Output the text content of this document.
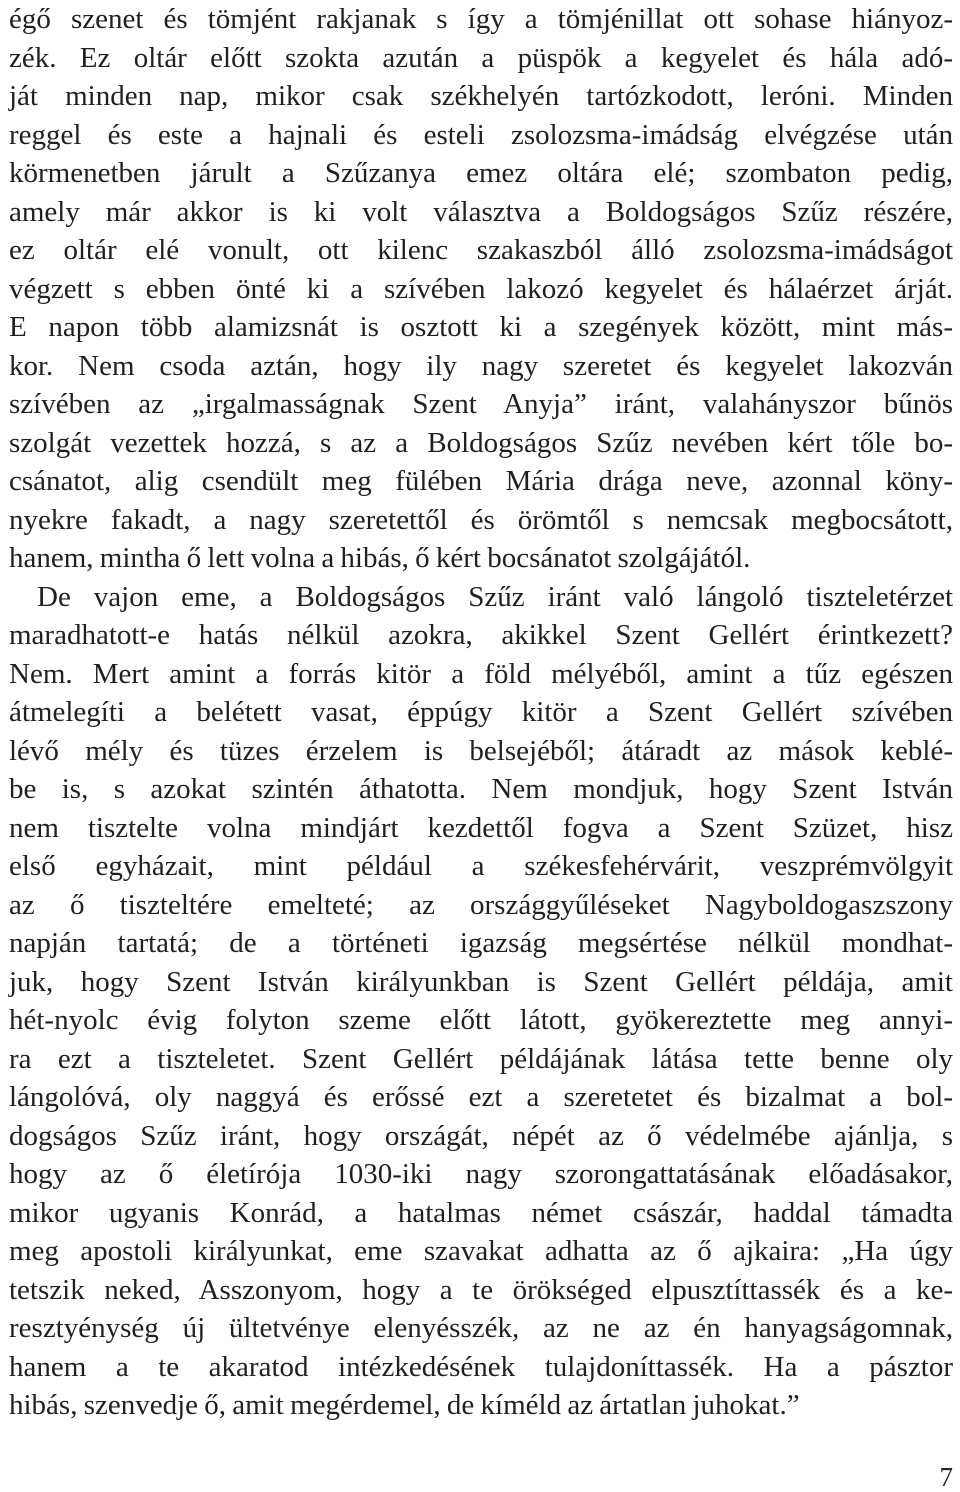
égő szenet és tömjént rakjanak s így a tömjénillat ott sohase hiányoz-
zék. Ez oltár előtt szokta azután a püspök a kegyelet és hála adó-
ját minden nap, mikor csak székhelyén tartózkodott, leróni. Minden
reggel és este a hajnali és esteli zsolozsma-imádság elvégzése után
körmenetben járult a Szűzanya emez oltára elé; szombaton pedig,
amely már akkor is ki volt választva a Boldogságos Szűz részére,
ez oltár elé vonult, ott kilenc szakaszból álló zsolozsma-imádságot
végzett s ebben önté ki a szívében lakozó kegyelet és hálaérzet árját.
E napon több alamizsnát is osztott ki a szegények között, mint más-
kor. Nem csoda aztán, hogy ily nagy szeretet és kegyelet lakozván
szívében az „irgalmasságnak Szent Anyja” iránt, valahányszor bűnös
szolgát vezettek hozzá, s az a Boldogságos Szűz nevében kért tőle bo-
csánatot, alig csendült meg fülében Mária drága neve, azonnal köny-
nyekre fakadt, a nagy szeretettől és örömtől s nemcsak megbocsátott,
hanem, mintha ő lett volna a hibás, ő kért bocsánatot szolgájától.
De vajon eme, a Boldogságos Szűz iránt való lángoló tiszteletérzet
maradhatott-e hatás nélkül azokra, akikkel Szent Gellért érintkezett?
Nem. Mert amint a forrás kitör a föld mélyéből, amint a tűz egészen
átmelegíti a belétett vasat, éppúgy kitör a Szent Gellért szívében
lévő mély és tüzes érzelem is belsejéből; átáradt az mások keblé-
be is, s azokat szintén áthatotta. Nem mondjuk, hogy Szent István
nem tisztelte volna mindjárt kezdettől fogva a Szent Szüzet, hisz
első egyházait, mint például a székesfehérvárit, veszprémvölgyit
az ő tiszteltére emelteté; az országgyűléseket Nagyboldogaszszony
napján tartatá; de a történeti igazság megsértése nélkül mondhat-
juk, hogy Szent István királyunkban is Szent Gellért példája, amit
hét-nyolc évig folyton szeme előtt látott, gyökereztette meg annyi-
ra ezt a tiszteletet. Szent Gellért példájának látása tette benne oly
lángolóvá, oly naggyá és erőssé ezt a szeretetet és bizalmat a bol-
dogságos Szűz iránt, hogy országát, népét az ő védelmébe ajánlja, s
hogy az ő életírója 1030-iki nagy szorongattatásának előadásakor,
mikor ugyanis Konrád, a hatalmas német császár, haddal támadta
meg apostoli királyunkat, eme szavakat adhatta az ő ajkaira: „Ha úgy
tetszik neked, Asszonyom, hogy a te örökséged elpusztíttassék és a ke-
resztyénység új ültetvénye elenyésszék, az ne az én hanyagságomnak,
hanem a te akaratod intézkedésének tulajdoníttassék. Ha a pásztor
hibás, szenvedje ő, amit megérdemel, de kíméld az ártatlan juhokat.”
7
